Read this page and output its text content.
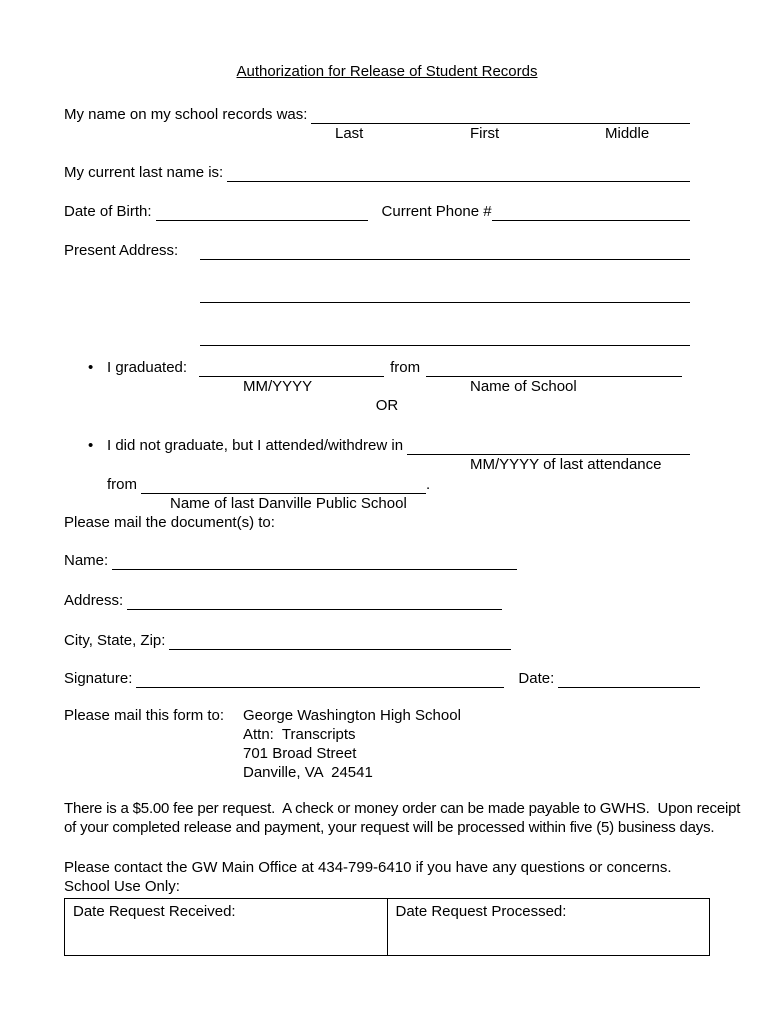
Authorization for Release of Student Records
My name on my school records was:
Last	First	Middle
My current last name is:
Date of Birth:	Current Phone #
Present Address:
• I graduated:	from
MM/YYYY	Name of School
OR
• I did not graduate, but I attended/withdrew in
MM/YYYY of last attendance
from	.
Name of last Danville Public School
Please mail the document(s) to:
Name:
Address:
City, State, Zip:
Signature:	Date:
Please mail this form to:	George Washington High School
Attn:  Transcripts
701 Broad Street
Danville, VA  24541
There is a $5.00 fee per request.  A check or money order can be made payable to GWHS.  Upon receipt
of your completed release and payment, your request will be processed within five (5) business days.
Please contact the GW Main Office at 434-799-6410 if you have any questions or concerns.
School Use Only:
Date Request Received:	Date Request Processed:
